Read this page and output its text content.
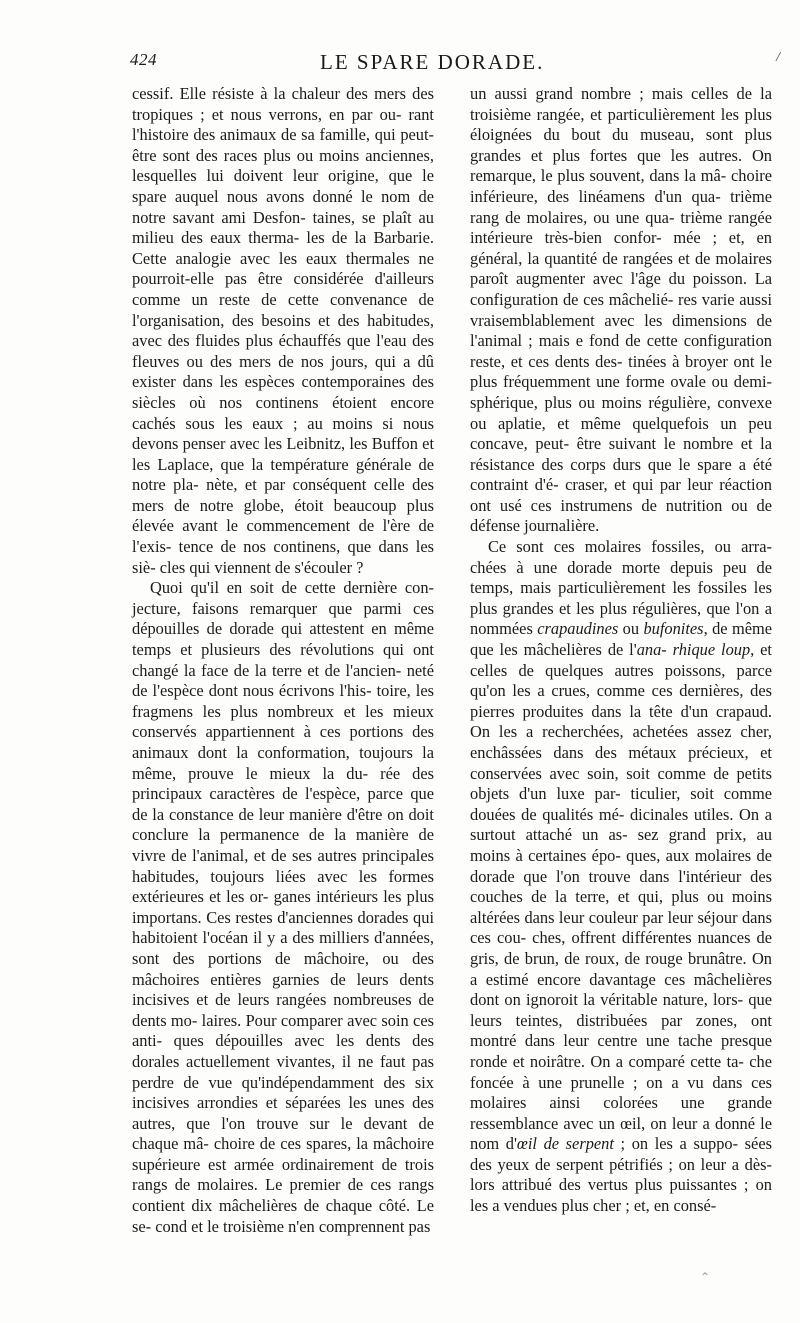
424	LE SPARE DORADE.	/

cessif. Elle résiste à la chaleur des mers des tropiques ; et nous verrons, en par ou- rant l'histoire des animaux de sa famille, qui peut-être sont des races plus ou moins anciennes, lesquelles lui doivent leur origine, que le spare auquel nous avons donné le nom de notre savant ami Desfon- taines, se plaît au milieu des eaux therma- les de la Barbarie. Cette analogie avec les eaux thermales ne pourroit-elle pas être considérée d'ailleurs comme un reste de cette convenance de l'organisation, des besoins et des habitudes, avec des fluides plus échauffés que l'eau des fleuves ou des mers de nos jours, qui a dû exister dans les espèces contemporaines des siècles où nos continens étoient encore cachés sous les eaux ; au moins si nous devons penser avec les Leibnitz, les Buffon et les Laplace, que la température générale de notre pla- nète, et par conséquent celle des mers de notre globe, étoit beaucoup plus élevée avant le commencement de l'ère de l'exis- tence de nos continens, que dans les siè- cles qui viennent de s'écouler ?

Quoi qu'il en soit de cette dernière con- jecture, faisons remarquer que parmi ces dépouilles de dorade qui attestent en même temps et plusieurs des révolutions qui ont changé la face de la terre et de l'ancien- neté de l'espèce dont nous écrivons l'his- toire, les fragmens les plus nombreux et les mieux conservés appartiennent à ces portions des animaux dont la conformation, toujours la même, prouve le mieux la du- rée des principaux caractères de l'espèce, parce que de la constance de leur manière d'être on doit conclure la permanence de la manière de vivre de l'animal, et de ses autres principales habitudes, toujours liées avec les formes extérieures et les or- ganes intérieurs les plus importans. Ces restes d'anciennes dorades qui habitoient l'océan il y a des milliers d'années, sont des portions de mâchoire, ou des mâchoires entières garnies de leurs dents incisives et de leurs rangées nombreuses de dents mo- laires. Pour comparer avec soin ces anti- ques dépouilles avec les dents des dorales actuellement vivantes, il ne faut pas perdre de vue qu'indépendamment des six incisives arrondies et séparées les unes des autres, que l'on trouve sur le devant de chaque mâ- choire de ces spares, la mâchoire supérieure est armée ordinairement de trois rangs de molaires. Le premier de ces rangs contient dix mâchelières de chaque côté. Le se- cond et le troisième n'en comprennent pas

un aussi grand nombre ; mais celles de la troisième rangée, et particulièrement les plus éloignées du bout du museau, sont plus grandes et plus fortes que les autres. On remarque, le plus souvent, dans la mâ- choire inférieure, des linéamens d'un qua- trième rang de molaires, ou une qua- trième rangée intérieure très-bien confor- mée ; et, en général, la quantité de rangées et de molaires paroît augmenter avec l'âge du poisson. La configuration de ces mâchelié- res varie aussi vraisemblablement avec les dimensions de l'animal ; mais e fond de cette configuration reste, et ces dents des- tinées à broyer ont le plus fréquemment une forme ovale ou demi-sphérique, plus ou moins régulière, convexe ou aplatie, et même quelquefois un peu concave, peut- être suivant le nombre et la résistance des corps durs que le spare a été contraint d'é- craser, et qui par leur réaction ont usé ces instrumens de nutrition ou de défense journalière.

Ce sont ces molaires fossiles, ou arra- chées à une dorade morte depuis peu de temps, mais particulièrement les fossiles les plus grandes et les plus régulières, que l'on a nommées crapaudines ou bufonites, de même que les mâchelières de l'ana- rhique loup, et celles de quelques autres poissons, parce qu'on les a crues, comme ces dernières, des pierres produites dans la tête d'un crapaud. On les a recherchées, achetées assez cher, enchâssées dans des métaux précieux, et conservées avec soin, soit comme de petits objets d'un luxe par- ticulier, soit comme douées de qualités mé- dicinales utiles. On a surtout attaché un as- sez grand prix, au moins à certaines épo- ques, aux molaires de dorade que l'on trouve dans l'intérieur des couches de la terre, et qui, plus ou moins altérées dans leur couleur par leur séjour dans ces cou- ches, offrent différentes nuances de gris, de brun, de roux, de rouge brunâtre. On a estimé encore davantage ces mâchelières dont on ignoroit la véritable nature, lors- que leurs teintes, distribuées par zones, ont montré dans leur centre une tache presque ronde et noirâtre. On a comparé cette ta- che foncée à une prunelle ; on a vu dans ces molaires ainsi colorées une grande ressemblance avec un œil, on leur a donné le nom d'œil de serpent ; on les a suppo- sées des yeux de serpent pétrifiés ; on leur a dès-lors attribué des vertus plus puissantes ; on les a vendues plus cher ; et, en consé-

⌃
